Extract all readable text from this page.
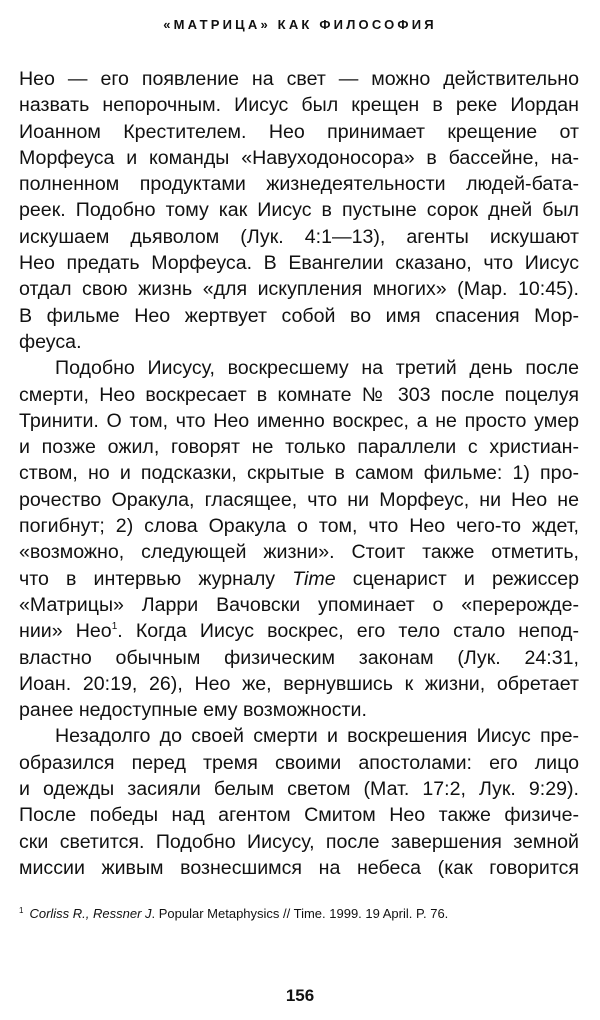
«МАТРИЦА» КАК ФИЛОСОФИЯ
Нео — его появление на свет — можно действительно
назвать непорочным. Иисус был крещен в реке Иордан
Иоанном Крестителем. Нео принимает крещение от
Морфеуса и команды «Навуходоносора» в бассейне, на-
полненном продуктами жизнедеятельности людей-бата-
реек. Подобно тому как Иисус в пустыне сорок дней был
искушаем дьяволом (Лук. 4:1—13), агенты искушают
Нео предать Морфеуса. В Евангелии сказано, что Иисус
отдал свою жизнь «для искупления многих» (Мар. 10:45).
В фильме Нео жертвует собой во имя спасения Мор-
феуса.
Подобно Иисусу, воскресшему на третий день после
смерти, Нео воскресает в комнате № 303 после поцелуя
Тринити. О том, что Нео именно воскрес, а не просто умер
и позже ожил, говорят не только параллели с христиан-
ством, но и подсказки, скрытые в самом фильме: 1) про-
рочество Оракула, гласящее, что ни Морфеус, ни Нео не
погибнут; 2) слова Оракула о том, что Нео чего-то ждет,
«возможно, следующей жизни». Стоит также отметить,
что в интервью журналу Time сценарист и режиссер
«Матрицы» Ларри Вачовски упоминает о «перерожде-
нии» Нео$^1$. Когда Иисус воскрес, его тело стало непод-
властно обычным физическим законам (Лук. 24:31,
Иоан. 20:19, 26), Нео же, вернувшись к жизни, обретает
ранее недоступные ему возможности.
Незадолго до своей смерти и воскрешения Иисус пре-
образился перед тремя своими апостолами: его лицо
и одежды засияли белым светом (Мат. 17:2, Лук. 9:29).
После победы над агентом Смитом Нео также физиче-
ски светится. Подобно Иисусу, после завершения земной
миссии живым вознесшимся на небеса (как говорится
$^1$ Corliss R., Ressner J. Popular Metaphysics // Time. 1999. 19 April. P. 76.
156
